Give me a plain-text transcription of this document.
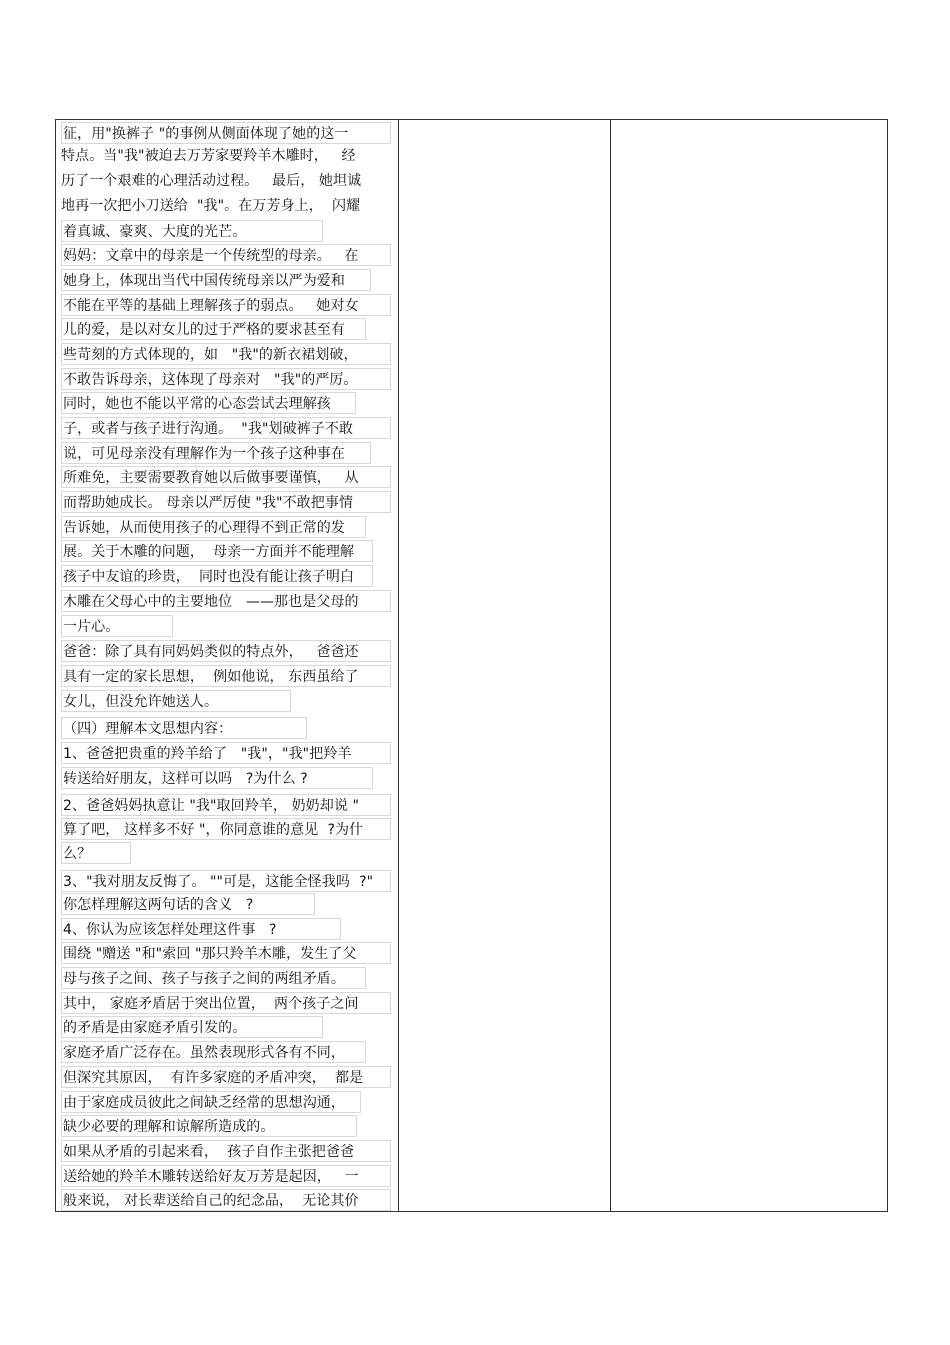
征，用"换裤子 "的事例从侧面体现了她的这一
特点。当"我"被迫去万芳家要羚羊木雕时，   经
历了一个艰难的心理活动过程。   最后， 她坦诚
地再一次把小刀送给  "我"。在万芳身上，  闪耀
着真诚、豪爽、大度的光芒。
妈妈：文章中的母亲是一个传统型的母亲。   在
她身上，体现出当代中国传统母亲以严为爱和
不能在平等的基础上理解孩子的弱点。   她对女
儿的爱，是以对女儿的过于严格的要求甚至有
些苛刻的方式体现的，如   "我"的新衣裙划破，
不敢告诉母亲，这体现了母亲对   "我"的严厉。
同时，她也不能以平常的心态尝试去理解孩
子，或者与孩子进行沟通。  "我"划破裤子不敢
说，可见母亲没有理解作为一个孩子这种事在
所难免，主要需要教育她以后做事要谨慎，   从
而帮助她成长。 母亲以严厉使 "我"不敢把事情
告诉她，从而使用孩子的心理得不到正常的发
展。关于木雕的问题，  母亲一方面并不能理解
孩子中友谊的珍贵，  同时也没有能让孩子明白
木雕在父母心中的主要地位   ——那也是父母的
一片心。
爸爸：除了具有同妈妈类似的特点外，   爸爸还
具有一定的家长思想，  例如他说， 东西虽给了
女儿，但没允许她送人。
（四）理解本文思想内容：
1、爸爸把贵重的羚羊给了   "我"，"我"把羚羊
转送给好朋友，这样可以吗   ?为什么 ?
2、爸爸妈妈执意让 "我"取回羚羊， 奶奶却说 "
算了吧， 这样多不好 "，你同意谁的意见  ?为什
么？
3、"我对朋友反悔了。 ""可是，这能全怪我吗  ?"
你怎样理解这两句话的含义   ?
4、你认为应该怎样处理这件事   ?
围绕 "赠送 "和"索回 "那只羚羊木雕，发生了父
母与孩子之间、孩子与孩子之间的两组矛盾。
其中， 家庭矛盾居于突出位置，  两个孩子之间
的矛盾是由家庭矛盾引发的。
家庭矛盾广泛存在。虽然表现形式各有不同，
但深究其原因，  有许多家庭的矛盾冲突，  都是
由于家庭成员彼此之间缺乏经常的思想沟通，
缺少必要的理解和谅解所造成的。
如果从矛盾的引起来看，  孩子自作主张把爸爸
送给她的羚羊木雕转送给好友万芳是起因，   一
般来说， 对长辈送给自己的纪念品，  无论其价
